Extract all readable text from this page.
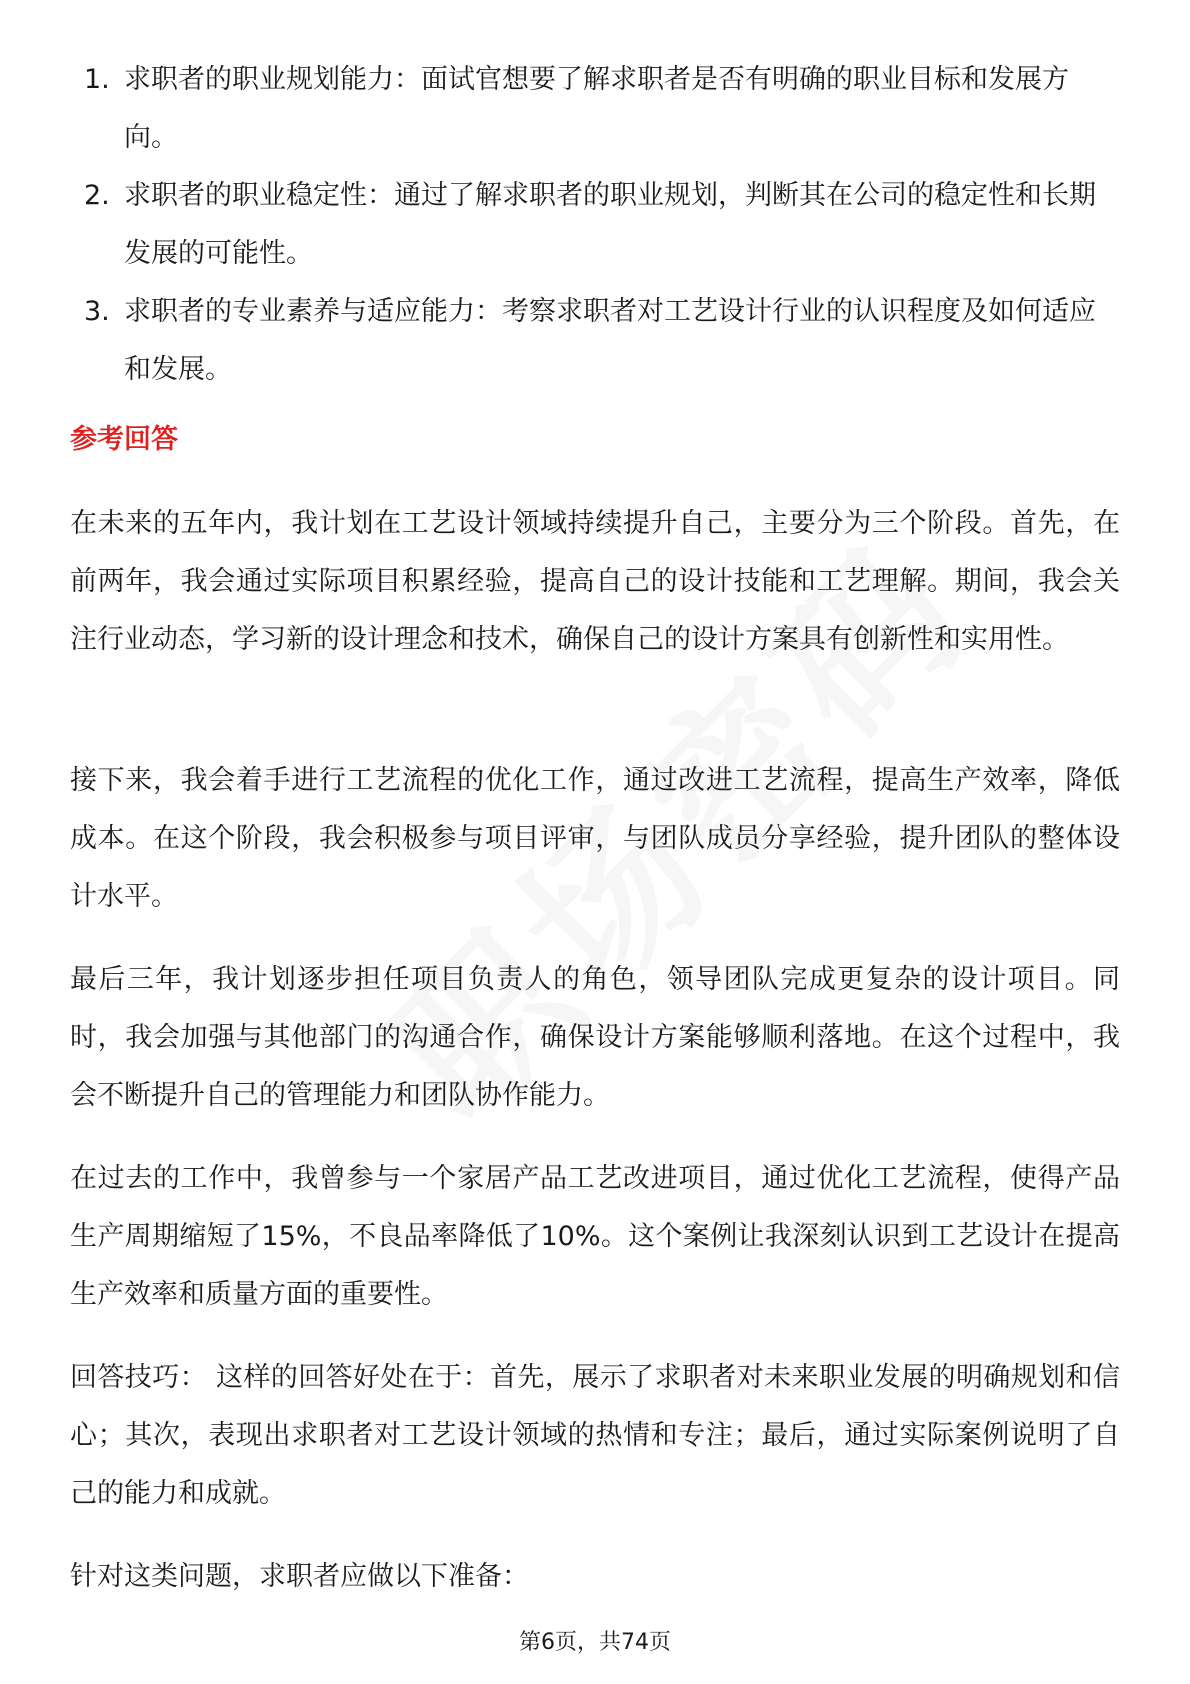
1. 求职者的职业规划能力：面试官想要了解求职者是否有明确的职业目标和发展方向。
2. 求职者的职业稳定性：通过了解求职者的职业规划，判断其在公司的稳定性和长期发展的可能性。
3. 求职者的专业素养与适应能力：考察求职者对工艺设计行业的认识程度及如何适应和发展。
参考回答

在未来的五年内，我计划在工艺设计领域持续提升自己，主要分为三个阶段。首先，在前两年，我会通过实际项目积累经验，提高自己的设计技能和工艺理解。期间，我会关注行业动态，学习新的设计理念和技术，确保自己的设计方案具有创新性和实用性。

接下来，我会着手进行工艺流程的优化工作，通过改进工艺流程，提高生产效率，降低成本。在这个阶段，我会积极参与项目评审，与团队成员分享经验，提升团队的整体设计水平。

最后三年，我计划逐步担任项目负责人的角色，领导团队完成更复杂的设计项目。同时，我会加强与其他部门的沟通合作，确保设计方案能够顺利落地。在这个过程中，我会不断提升自己的管理能力和团队协作能力。

在过去的工作中，我曾参与一个家居产品工艺改进项目，通过优化工艺流程，使得产品生产周期缩短了15%，不良品率降低了10%。这个案例让我深刻认识到工艺设计在提高生产效率和质量方面的重要性。

回答技巧： 这样的回答好处在于：首先，展示了求职者对未来职业发展的明确规划和信心；其次，表现出求职者对工艺设计领域的热情和专注；最后，通过实际案例说明了自己的能力和成就。

针对这类问题，求职者应做以下准备：

第6页，共74页
